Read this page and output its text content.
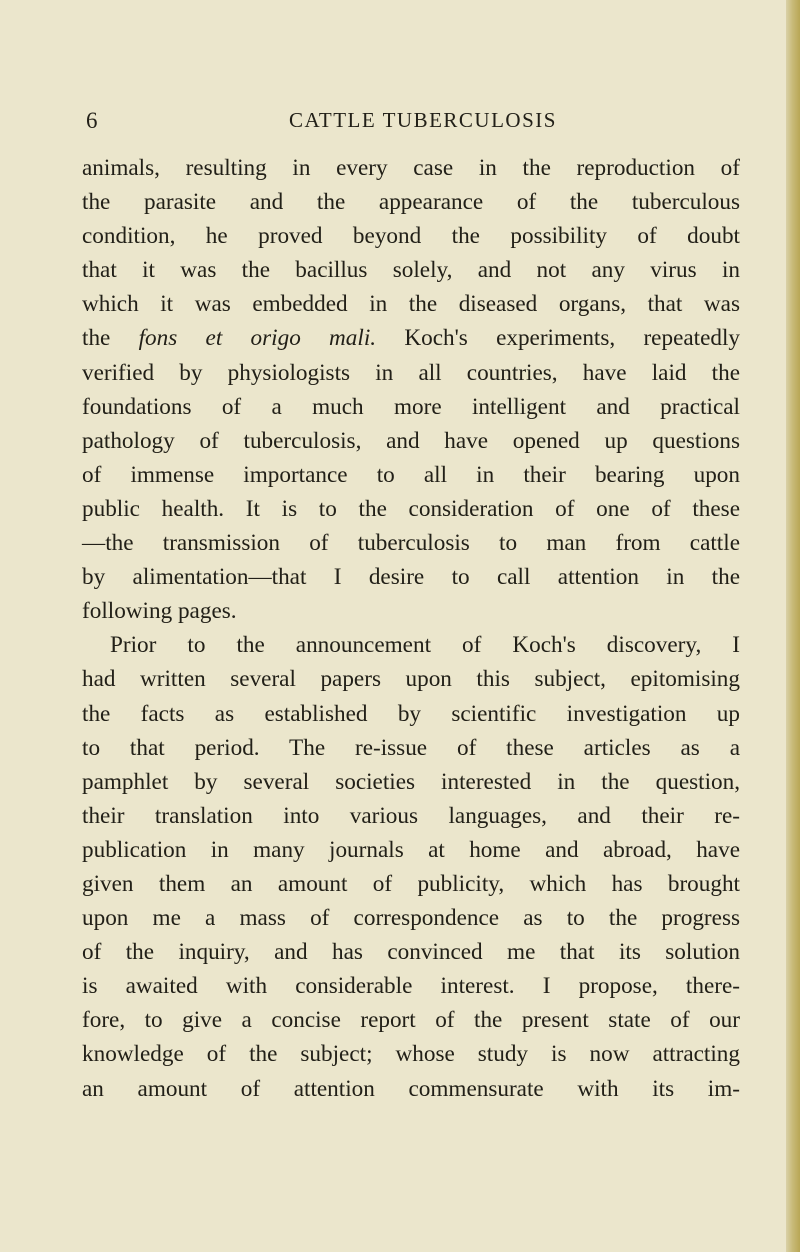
6	CATTLE TUBERCULOSIS
animals, resulting in every case in the reproduction of
the parasite and the appearance of the tuberculous
condition, he proved beyond the possibility of doubt
that it was the bacillus solely, and not any virus in
which it was embedded in the diseased organs, that was
the fons et origo mali. Koch's experiments, repeatedly
verified by physiologists in all countries, have laid the
foundations of a much more intelligent and practical
pathology of tuberculosis, and have opened up questions
of immense importance to all in their bearing upon
public health. It is to the consideration of one of these
—the transmission of tuberculosis to man from cattle
by alimentation—that I desire to call attention in the
following pages.
Prior to the announcement of Koch's discovery, I
had written several papers upon this subject, epitomising
the facts as established by scientific investigation up
to that period. The re-issue of these articles as a
pamphlet by several societies interested in the question,
their translation into various languages, and their re-
publication in many journals at home and abroad, have
given them an amount of publicity, which has brought
upon me a mass of correspondence as to the progress
of the inquiry, and has convinced me that its solution
is awaited with considerable interest. I propose, there-
fore, to give a concise report of the present state of our
knowledge of the subject; whose study is now attracting
an amount of attention commensurate with its im-
